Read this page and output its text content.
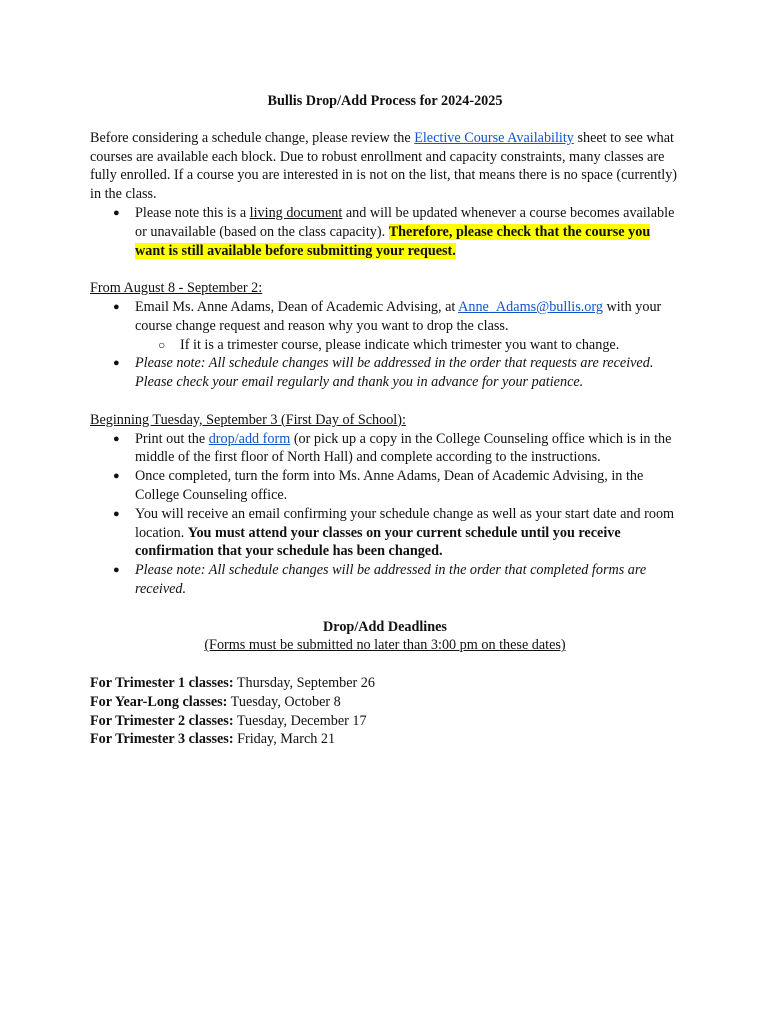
Bullis Drop/Add Process for 2024-2025

Before considering a schedule change, please review the Elective Course Availability sheet to see what courses are available each block. Due to robust enrollment and capacity constraints, many classes are fully enrolled. If a course you are interested in is not on the list, that means there is no space (currently) in the class.

● Please note this is a living document and will be updated whenever a course becomes available or unavailable (based on the class capacity). Therefore, please check that the course you want is still available before submitting your request.

From August 8 - September 2:

● Email Ms. Anne Adams, Dean of Academic Advising, at Anne_Adams@bullis.org with your course change request and reason why you want to drop the class.
○ If it is a trimester course, please indicate which trimester you want to change.
● Please note: All schedule changes will be addressed in the order that requests are received. Please check your email regularly and thank you in advance for your patience.

Beginning Tuesday, September 3 (First Day of School):

● Print out the drop/add form (or pick up a copy in the College Counseling office which is in the middle of the first floor of North Hall) and complete according to the instructions.
● Once completed, turn the form into Ms. Anne Adams, Dean of Academic Advising, in the College Counseling office.
● You will receive an email confirming your schedule change as well as your start date and room location. You must attend your classes on your current schedule until you receive confirmation that your schedule has been changed.
● Please note: All schedule changes will be addressed in the order that completed forms are received.

Drop/Add Deadlines

(Forms must be submitted no later than 3:00 pm on these dates)

For Trimester 1 classes: Thursday, September 26

For Year-Long classes: Tuesday, October 8

For Trimester 2 classes: Tuesday, December 17

For Trimester 3 classes: Friday, March 21
